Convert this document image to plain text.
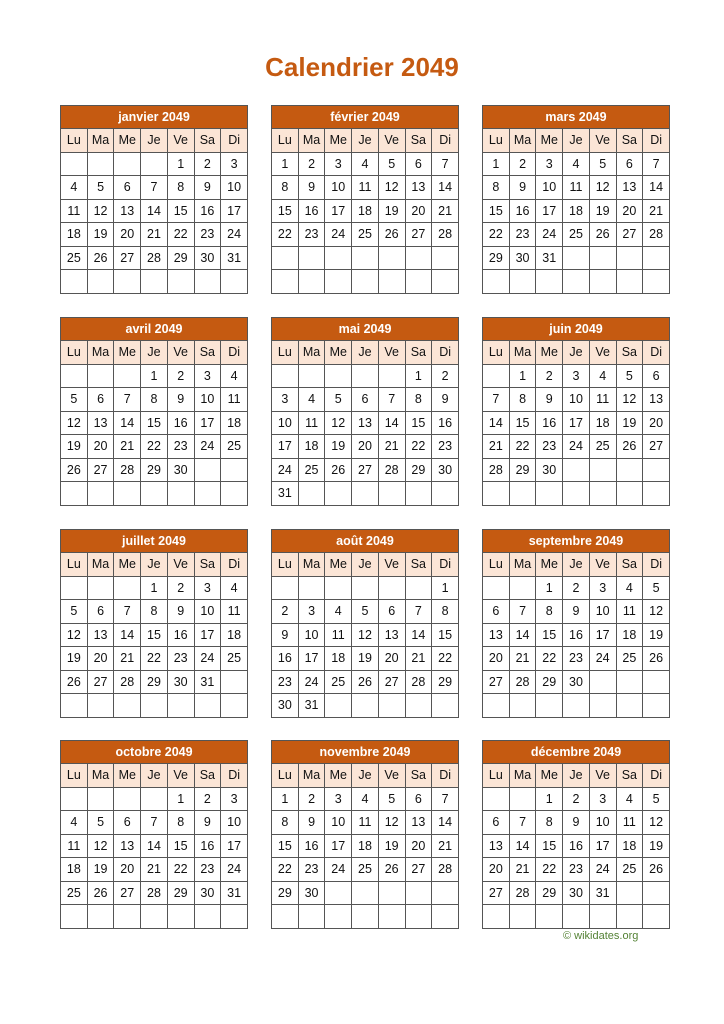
Calendrier 2049
janvier 2049						
Lu	Ma	Me	Je	Ve	Sa	Di
				1	2	3
4	5	6	7	8	9	10
11	12	13	14	15	16	17
18	19	20	21	22	23	24
25	26	27	28	29	30	31

février 2049						
Lu	Ma	Me	Je	Ve	Sa	Di
1	2	3	4	5	6	7
8	9	10	11	12	13	14
15	16	17	18	19	20	21
22	23	24	25	26	27	28

mars 2049						
Lu	Ma	Me	Je	Ve	Sa	Di
1	2	3	4	5	6	7
8	9	10	11	12	13	14
15	16	17	18	19	20	21
22	23	24	25	26	27	28
29	30	31				

avril 2049						
Lu	Ma	Me	Je	Ve	Sa	Di
			1	2	3	4
5	6	7	8	9	10	11
12	13	14	15	16	17	18
19	20	21	22	23	24	25
26	27	28	29	30		

mai 2049						
Lu	Ma	Me	Je	Ve	Sa	Di
					1	2
3	4	5	6	7	8	9
10	11	12	13	14	15	16
17	18	19	20	21	22	23
24	25	26	27	28	29	30
31						
juin 2049						
Lu	Ma	Me	Je	Ve	Sa	Di
	1	2	3	4	5	6
7	8	9	10	11	12	13
14	15	16	17	18	19	20
21	22	23	24	25	26	27
28	29	30				

juillet 2049						
Lu	Ma	Me	Je	Ve	Sa	Di
			1	2	3	4
5	6	7	8	9	10	11
12	13	14	15	16	17	18
19	20	21	22	23	24	25
26	27	28	29	30	31	

août 2049						
Lu	Ma	Me	Je	Ve	Sa	Di
						1
2	3	4	5	6	7	8
9	10	11	12	13	14	15
16	17	18	19	20	21	22
23	24	25	26	27	28	29
30	31					
septembre 2049						
Lu	Ma	Me	Je	Ve	Sa	Di
		1	2	3	4	5
6	7	8	9	10	11	12
13	14	15	16	17	18	19
20	21	22	23	24	25	26
27	28	29	30			

octobre 2049						
Lu	Ma	Me	Je	Ve	Sa	Di
				1	2	3
4	5	6	7	8	9	10
11	12	13	14	15	16	17
18	19	20	21	22	23	24
25	26	27	28	29	30	31

novembre 2049						
Lu	Ma	Me	Je	Ve	Sa	Di
1	2	3	4	5	6	7
8	9	10	11	12	13	14
15	16	17	18	19	20	21
22	23	24	25	26	27	28
29	30					

décembre 2049						
Lu	Ma	Me	Je	Ve	Sa	Di
		1	2	3	4	5
6	7	8	9	10	11	12
13	14	15	16	17	18	19
20	21	22	23	24	25	26
27	28	29	30	31		

© wikidates.org
